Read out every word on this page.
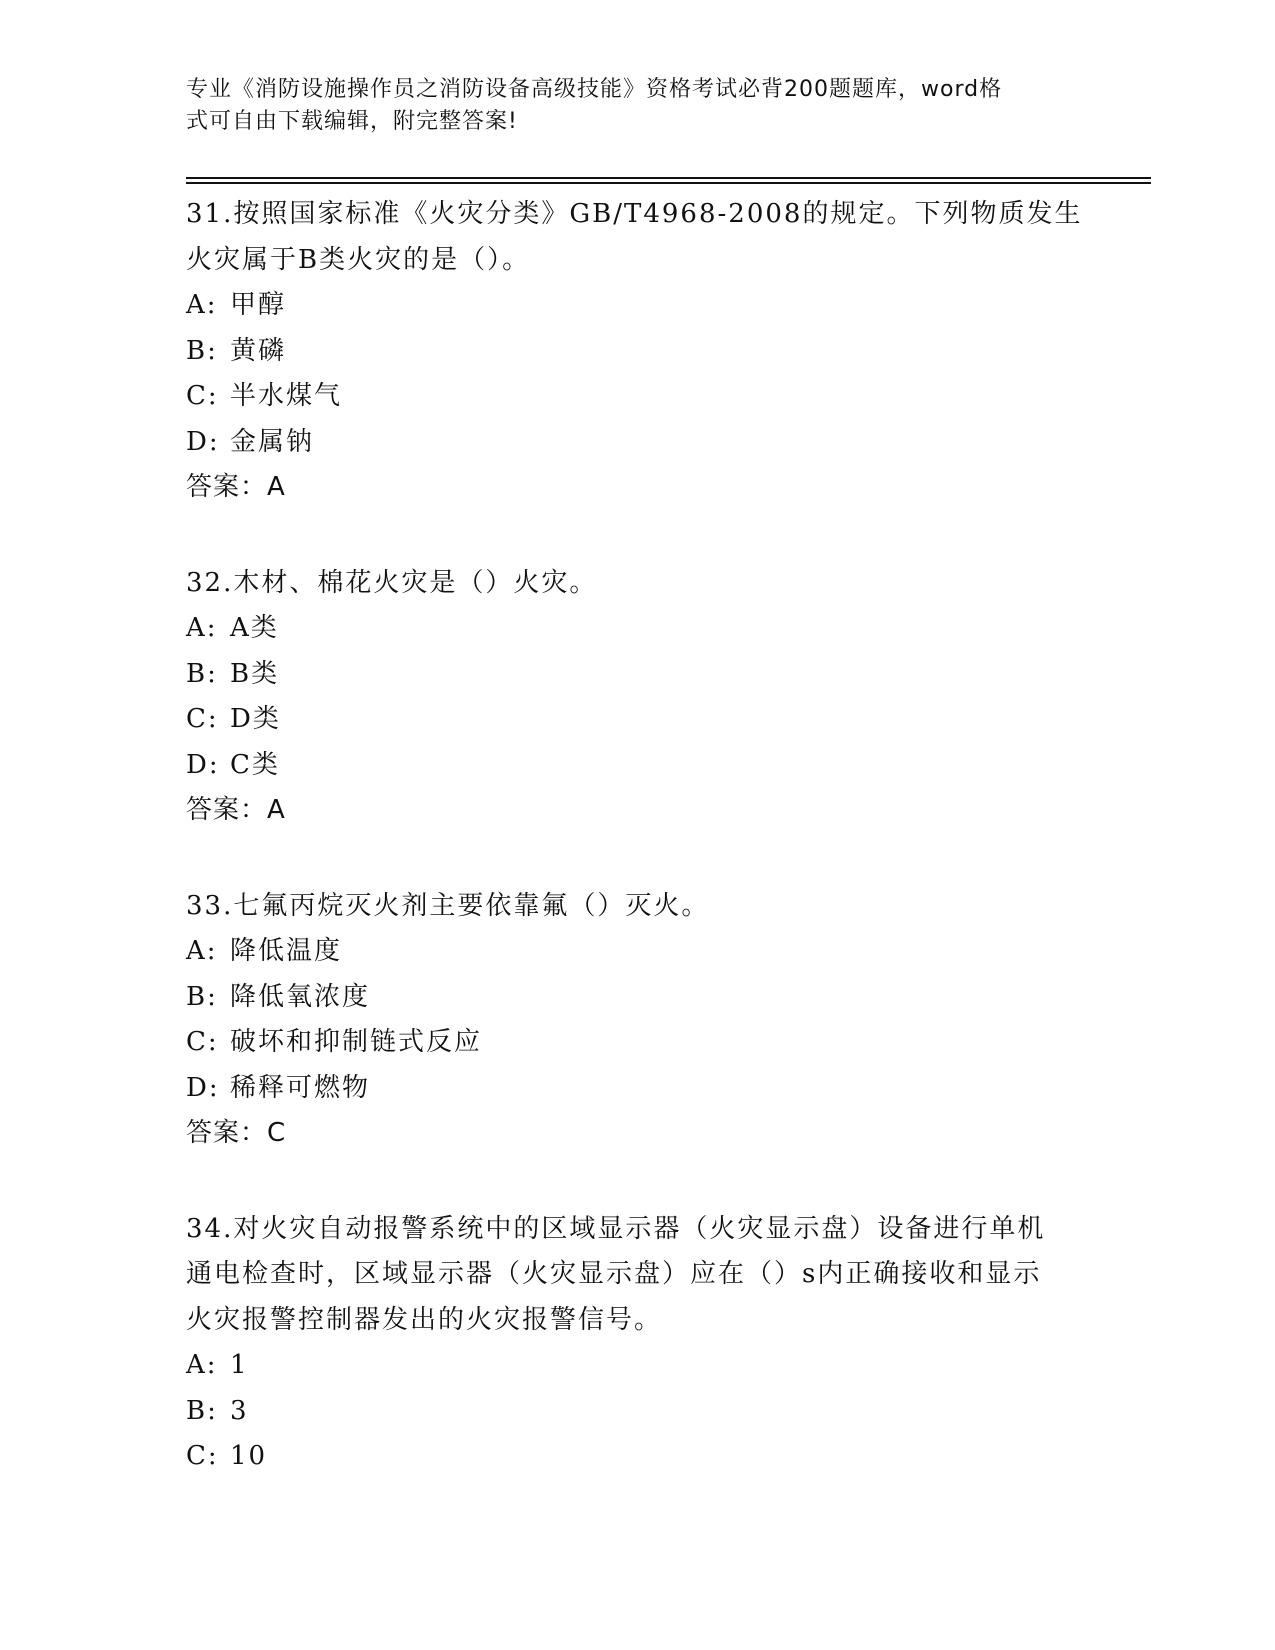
专业《消防设施操作员之消防设备高级技能》资格考试必背200题题库，word格
式可自由下载编辑，附完整答案!
31.按照国家标准《火灾分类》GB/T4968-2008的规定。下列物质发生
火灾属于B类火灾的是（）。
A: 甲醇
B: 黄磷
C: 半水煤气
D: 金属钠
答案：A
32.木材、棉花火灾是（）火灾。
A: A类
B: B类
C: D类
D: C类
答案：A
33.七氟丙烷灭火剂主要依靠氟（）灭火。
A: 降低温度
B: 降低氧浓度
C: 破坏和抑制链式反应
D: 稀释可燃物
答案：C
34.对火灾自动报警系统中的区域显示器（火灾显示盘）设备进行单机
通电检查时，区域显示器（火灾显示盘）应在（）s内正确接收和显示
火灾报警控制器发出的火灾报警信号。
A: 1
B: 3
C: 10
